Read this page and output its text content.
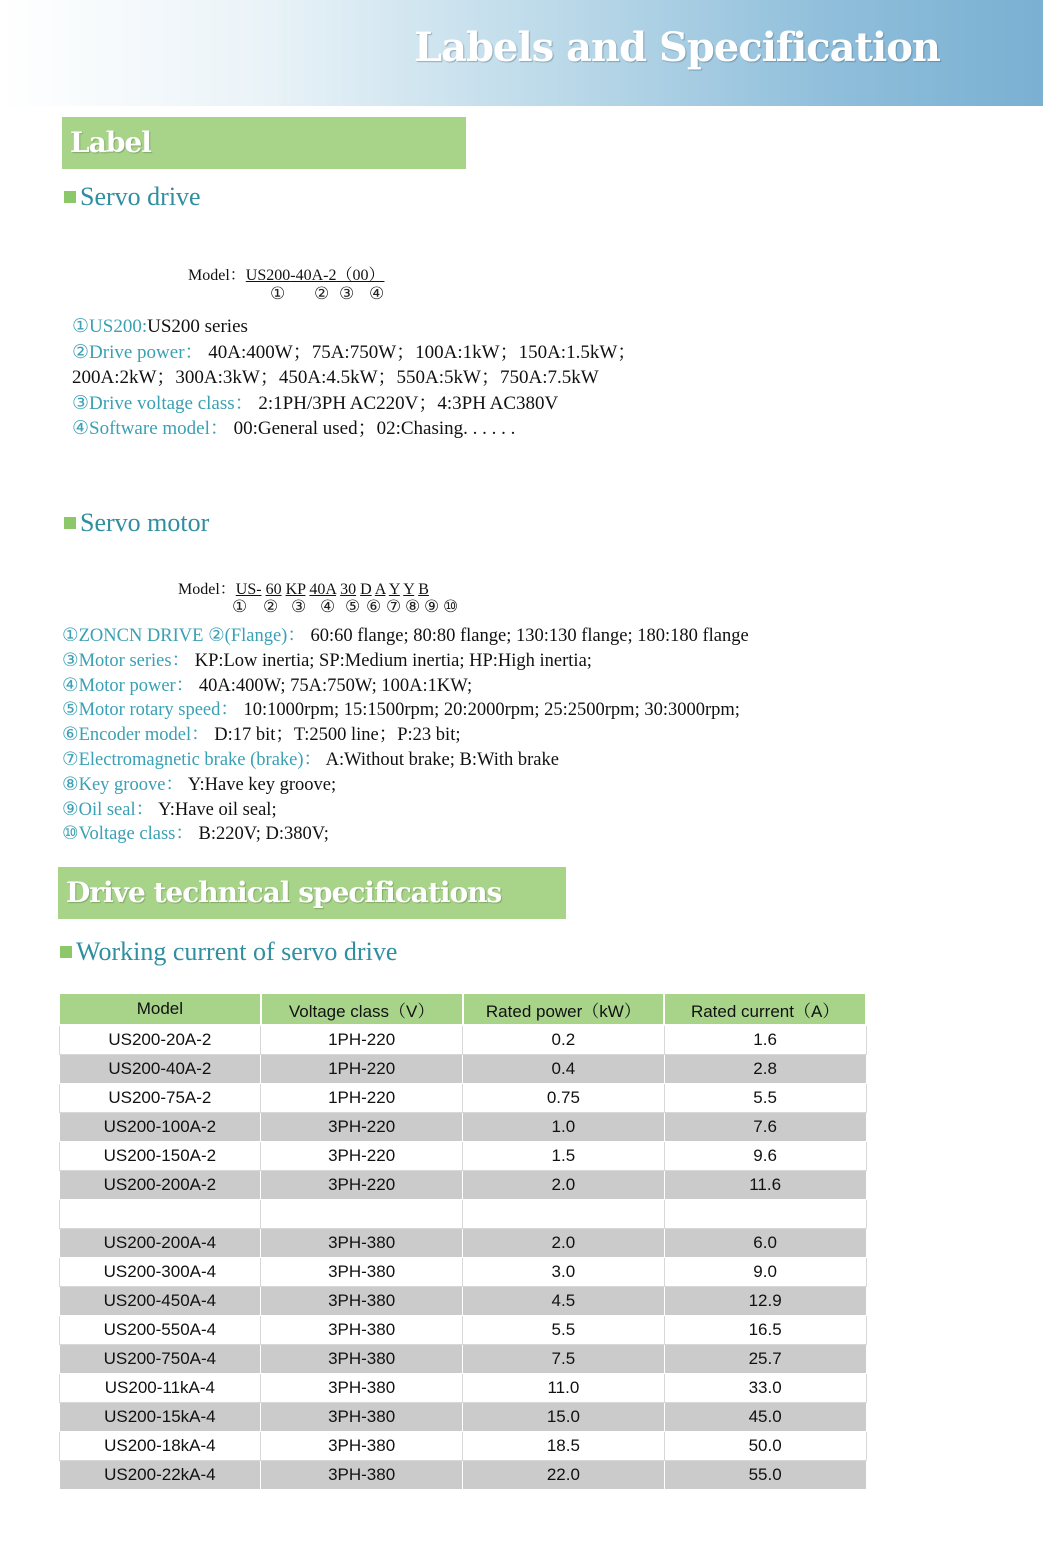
Labels and Specification
Label
Servo drive
Model：US200-40A-2（00）
① ② ③ ④
①US200:US200 series
②Drive power： 40A:400W；75A:750W；100A:1kW；150A:1.5kW；
200A:2kW；300A:3kW；450A:4.5kW；550A:5kW；750A:7.5kW
③Drive voltage class： 2:1PH/3PH AC220V；4:3PH AC380V
④Software model： 00:General used；02:Chasing. . . . . .
Servo motor
Model：US- 60 KP 40A 30 D A Y Y B
① ② ③ ④ ⑤ ⑥ ⑦ ⑧ ⑨ ⑩
①ZONCN DRIVE ②(Flange)： 60:60 flange; 80:80 flange; 130:130 flange; 180:180 flange
③Motor series： KP:Low inertia; SP:Medium inertia; HP:High inertia;
④Motor power： 40A:400W; 75A:750W; 100A:1KW;
⑤Motor rotary speed： 10:1000rpm; 15:1500rpm; 20:2000rpm; 25:2500rpm; 30:3000rpm;
⑥Encoder model： D:17 bit；T:2500 line；P:23 bit;
⑦Electromagnetic brake (brake)： A:Without brake; B:With brake
⑧Key groove： Y:Have key groove;
⑨Oil seal： Y:Have oil seal;
⑩Voltage class： B:220V; D:380V;
Drive technical specifications
Working current of servo drive
Model	Voltage class（V）	Rated power（kW）	Rated current（A）
US200-20A-2	1PH-220	0.2	1.6
US200-40A-2	1PH-220	0.4	2.8
US200-75A-2	1PH-220	0.75	5.5
US200-100A-2	3PH-220	1.0	7.6
US200-150A-2	3PH-220	1.5	9.6
US200-200A-2	3PH-220	2.0	11.6

US200-200A-4	3PH-380	2.0	6.0
US200-300A-4	3PH-380	3.0	9.0
US200-450A-4	3PH-380	4.5	12.9
US200-550A-4	3PH-380	5.5	16.5
US200-750A-4	3PH-380	7.5	25.7
US200-11kA-4	3PH-380	11.0	33.0
US200-15kA-4	3PH-380	15.0	45.0
US200-18kA-4	3PH-380	18.5	50.0
US200-22kA-4	3PH-380	22.0	55.0
